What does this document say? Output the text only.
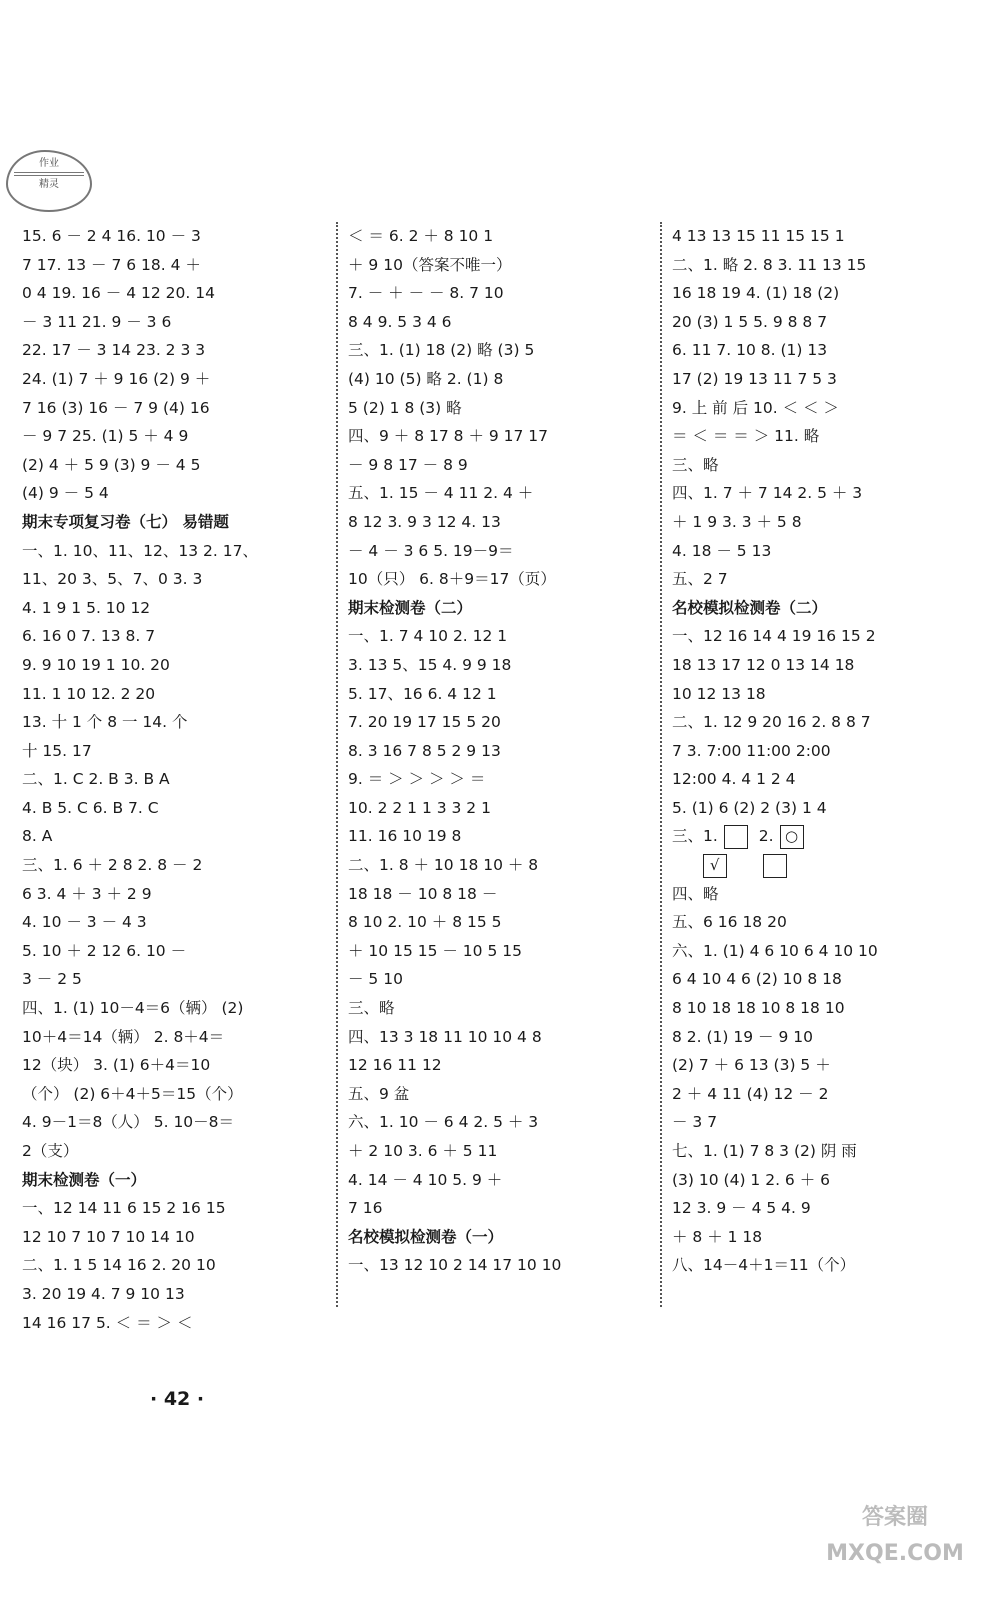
作业
精灵
15. 6 － 2 4 16. 10 － 3
7 17. 13 － 7 6 18. 4 ＋
0 4 19. 16 － 4 12 20. 14
－ 3 11 21. 9 － 3 6
22. 17 － 3 14 23. 2 3 3
24. (1) 7 ＋ 9 16 (2) 9 ＋
7 16 (3) 16 － 7 9 (4) 16
－ 9 7 25. (1) 5 ＋ 4 9
(2) 4 ＋ 5 9 (3) 9 － 4 5
(4) 9 － 5 4
期末专项复习卷（七） 易错题
一、1. 10、11、12、13 2. 17、
11、20 3、5、7、0 3. 3
4. 1 9 1 5. 10 12
6. 16 0 7. 13 8. 7
9. 9 10 19 1 10. 20
11. 1 10 12. 2 20
13. 十 1 个 8 一 14. 个
十 15. 17
二、1. C 2. B 3. B A
4. B 5. C 6. B 7. C
8. A
三、1. 6 ＋ 2 8 2. 8 － 2
6 3. 4 ＋ 3 ＋ 2 9
4. 10 － 3 － 4 3
5. 10 ＋ 2 12 6. 10 －
3 － 2 5
四、1. (1) 10－4＝6（辆） (2)
10＋4＝14（辆） 2. 8＋4＝
12（块） 3. (1) 6＋4＝10
（个） (2) 6＋4＋5＝15（个）
4. 9－1＝8（人） 5. 10－8＝
2（支）
期末检测卷（一）
一、12 14 11 6 15 2 16 15
12 10 7 10 7 10 14 10
二、1. 1 5 14 16 2. 20 10
3. 20 19 4. 7 9 10 13
14 16 17 5. ＜ ＝ ＞ ＜
＜ ＝ 6. 2 ＋ 8 10 1
＋ 9 10（答案不唯一）
7. － ＋ － － 8. 7 10
8 4 9. 5 3 4 6
三、1. (1) 18 (2) 略 (3) 5
(4) 10 (5) 略 2. (1) 8
5 (2) 1 8 (3) 略
四、9 ＋ 8 17 8 ＋ 9 17 17
－ 9 8 17 － 8 9
五、1. 15 － 4 11 2. 4 ＋
8 12 3. 9 3 12 4. 13
－ 4 － 3 6 5. 19－9＝
10（只） 6. 8＋9＝17（页）
期末检测卷（二）
一、1. 7 4 10 2. 12 1
3. 13 5、15 4. 9 9 18
5. 17、16 6. 4 12 1
7. 20 19 17 15 5 20
8. 3 16 7 8 5 2 9 13
9. ＝ ＞ ＞ ＞ ＞ ＝
10. 2 2 1 1 3 3 2 1
11. 16 10 19 8
二、1. 8 ＋ 10 18 10 ＋ 8
18 18 － 10 8 18 －
8 10 2. 10 ＋ 8 15 5
＋ 10 15 15 － 10 5 15
－ 5 10
三、略
四、13 3 18 11 10 10 4 8
12 16 11 12
五、9 盆
六、1. 10 － 6 4 2. 5 ＋ 3
＋ 2 10 3. 6 ＋ 5 11
4. 14 － 4 10 5. 9 ＋
7 16
名校模拟检测卷（一）
一、13 12 10 2 14 17 10 10
4 13 13 15 11 15 15 1
二、1. 略 2. 8 3. 11 13 15
16 18 19 4. (1) 18 (2)
20 (3) 1 5 5. 9 8 8 7
6. 11 7. 10 8. (1) 13
17 (2) 19 13 11 7 5 3
9. 上 前 后 10. ＜ ＜ ＞
＝ ＜ ＝ ＝ ＞ 11. 略
三、略
四、1. 7 ＋ 7 14 2. 5 ＋ 3
＋ 1 9 3. 3 ＋ 5 8
4. 18 － 5 13
五、2 7
名校模拟检测卷（二）
一、12 16 14 4 19 16 15 2
18 13 17 12 0 13 14 18
10 12 13 18
二、1. 12 9 20 16 2. 8 8 7
7 3. 7:00 11:00 2:00
12:00 4. 4 1 2 4
5. (1) 6 (2) 2 (3) 1 4
三、1. 2. ○
√
四、略
五、6 16 18 20
六、1. (1) 4 6 10 6 4 10 10
6 4 10 4 6 (2) 10 8 18
8 10 18 18 10 8 18 10
8 2. (1) 19 － 9 10
(2) 7 ＋ 6 13 (3) 5 ＋
2 ＋ 4 11 (4) 12 － 2
－ 3 7
七、1. (1) 7 8 3 (2) 阴 雨
(3) 10 (4) 1 2. 6 ＋ 6
12 3. 9 － 4 5 4. 9
＋ 8 ＋ 1 18
八、14－4＋1＝11（个）
· 42 ·
答案圈
MXQE.COM
